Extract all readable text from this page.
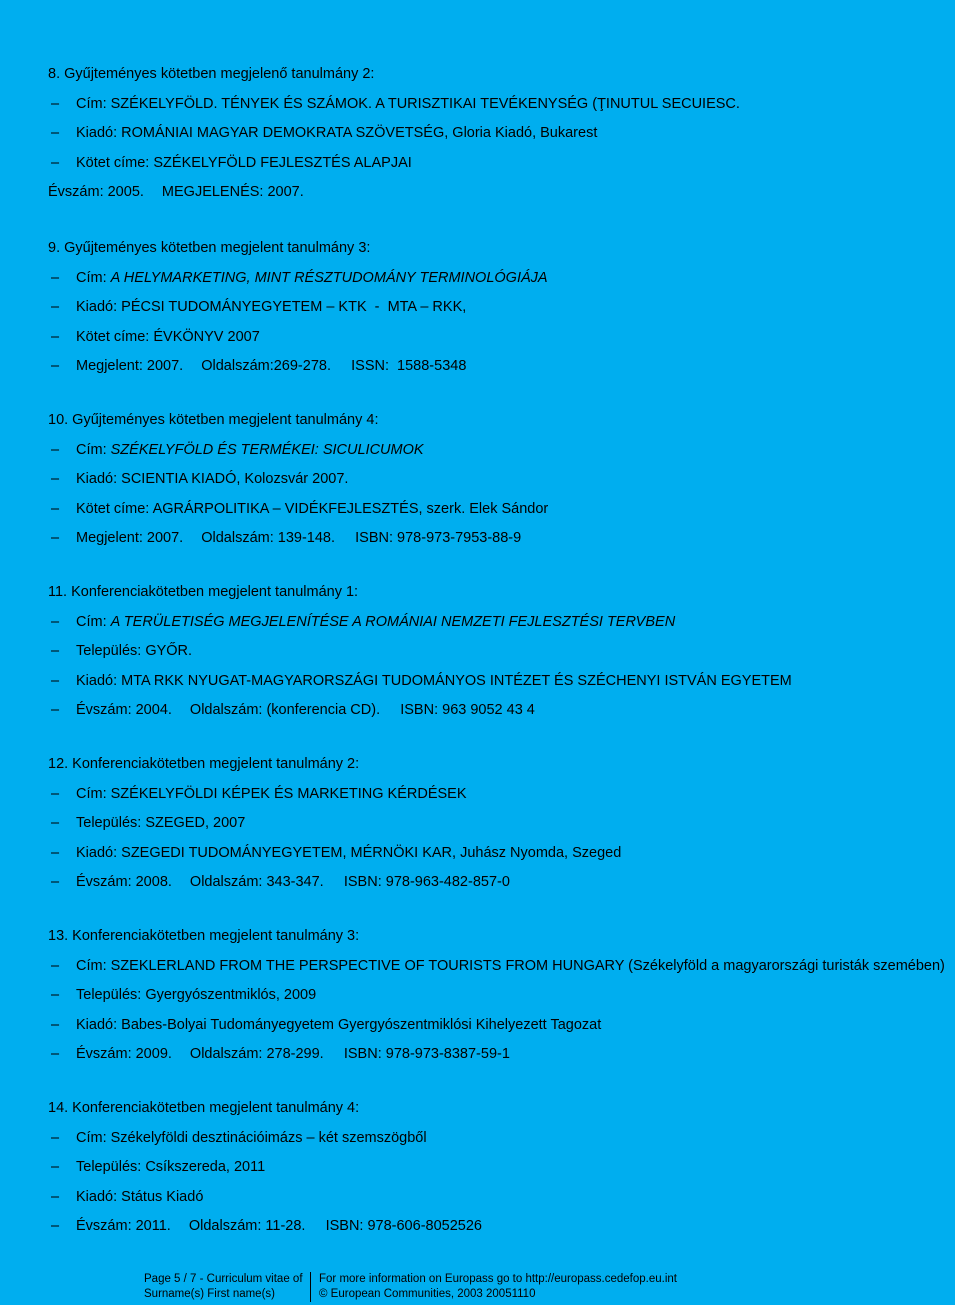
8. Gyűjteményes kötetben megjelenő tanulmány 2:
–	Cím: SZÉKELYFÖLD. TÉNYEK ÉS SZÁMOK. A TURISZTIKAI TEVÉKENYSÉG (ŢINUTUL SECUIESC.
–	Kiadó: ROMÁNIAI MAGYAR DEMOKRATA SZÖVETSÉG, Gloria Kiadó, Bukarest
–	Kötet címe: SZÉKELYFÖLD FEJLESZTÉS ALAPJAI
Évszám: 2005. MEGJELENÉS: 2007.
9. Gyűjteményes kötetben megjelent tanulmány 3:
–	Cím: A HELYMARKETING, MINT RÉSZTUDOMÁNY TERMINOLÓGIÁJA
–	Kiadó: PÉCSI TUDOMÁNYEGYETEM – KTK  -  MTA – RKK,
–	Kötet címe: ÉVKÖNYV 2007
–	Megjelent: 2007. Oldalszám:269-278.     ISSN:  1588-5348
10. Gyűjteményes kötetben megjelent tanulmány 4:
–	Cím: SZÉKELYFÖLD ÉS TERMÉKEI: SICULICUMOK
–	Kiadó: SCIENTIA KIADÓ, Kolozsvár 2007.
–	Kötet címe: AGRÁRPOLITIKA – VIDÉKFEJLESZTÉS, szerk. Elek Sándor
–	Megjelent: 2007. Oldalszám: 139-148.     ISBN: 978-973-7953-88-9
11. Konferenciakötetben megjelent tanulmány 1:
–	Cím: A TERÜLETISÉG MEGJELENÍTÉSE A ROMÁNIAI NEMZETI FEJLESZTÉSI TERVBEN
–	Település: GYŐR.
–	Kiadó: MTA RKK NYUGAT-MAGYARORSZÁGI TUDOMÁNYOS INTÉZET ÉS SZÉCHENYI ISTVÁN EGYETEM
–	Évszám: 2004. Oldalszám: (konferencia CD).     ISBN: 963 9052 43 4
12. Konferenciakötetben megjelent tanulmány 2:
–	Cím: SZÉKELYFÖLDI KÉPEK ÉS MARKETING KÉRDÉSEK
–	Település: SZEGED, 2007
–	Kiadó: SZEGEDI TUDOMÁNYEGYETEM, MÉRNÖKI KAR, Juhász Nyomda, Szeged
–	Évszám: 2008. Oldalszám: 343-347.     ISBN: 978-963-482-857-0
13. Konferenciakötetben megjelent tanulmány 3:
–	Cím: SZEKLERLAND FROM THE PERSPECTIVE OF TOURISTS FROM HUNGARY (Székelyföld a magyarországi turisták szemében)
–	Település: Gyergyószentmiklós, 2009
–	Kiadó: Babes-Bolyai Tudományegyetem Gyergyószentmiklósi Kihelyezett Tagozat
–	Évszám: 2009. Oldalszám: 278-299.     ISBN: 978-973-8387-59-1
14. Konferenciakötetben megjelent tanulmány 4:
–	Cím: Székelyföldi desztinációimázs – két szemszögből
–	Település: Csíkszereda, 2011
–	Kiadó: Státus Kiadó
–	Évszám: 2011. Oldalszám: 11-28.     ISBN: 978-606-8052526
Page 5 / 7 - Curriculum vitae of
Surname(s) First name(s)
For more information on Europass go to http://europass.cedefop.eu.int
© European Communities, 2003 20051110
